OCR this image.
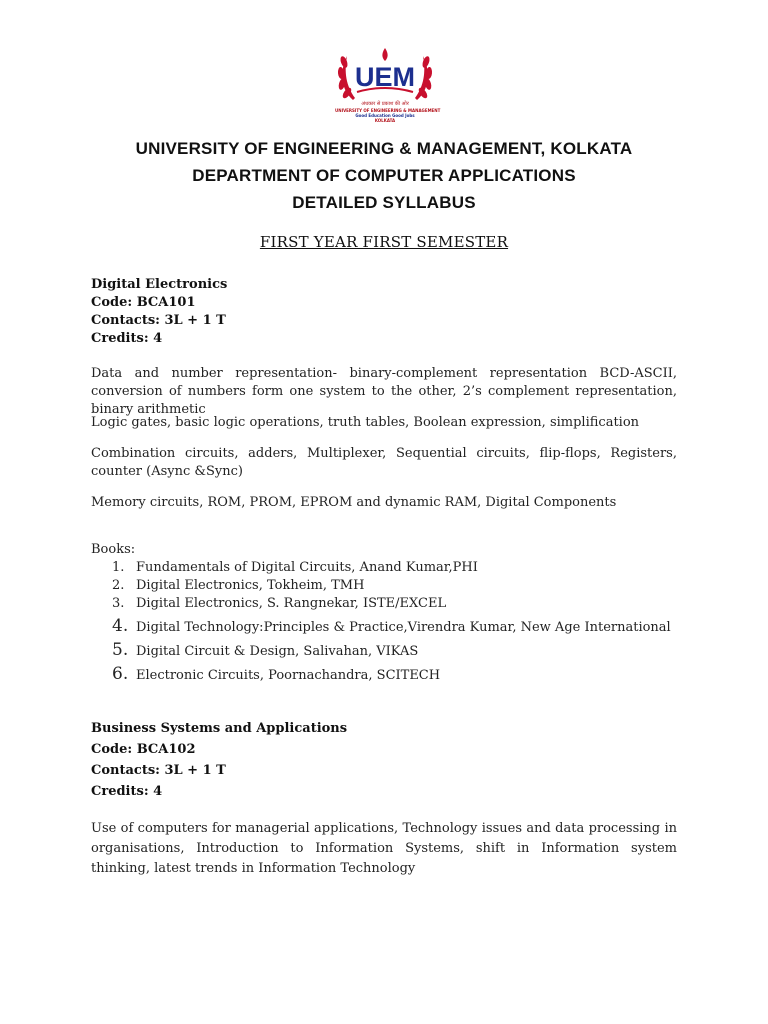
UEM
अंधकार से प्रकाश की ओर
UNIVERSITY OF ENGINEERING & MANAGEMENT
Good Education Good Jobs
KOLKATA
UNIVERSITY OF ENGINEERING & MANAGEMENT, KOLKATA
DEPARTMENT OF COMPUTER APPLICATIONS
DETAILED SYLLABUS
FIRST YEAR FIRST SEMESTER
Digital Electronics
Code: BCA101
Contacts: 3L + 1 T
Credits: 4
Data and number representation- binary-complement representation BCD-ASCII, conversion of numbers form one system to the other, 2’s complement representation, binary arithmetic
Logic gates, basic logic operations, truth tables, Boolean expression, simplification
Combination circuits, adders, Multiplexer, Sequential circuits, flip-flops, Registers, counter (Async &Sync)
Memory circuits, ROM, PROM, EPROM and dynamic RAM, Digital Components
Books:
1. Fundamentals of Digital Circuits, Anand Kumar,PHI
2. Digital Electronics, Tokheim, TMH
3. Digital Electronics, S. Rangnekar, ISTE/EXCEL
4. Digital Technology:Principles & Practice,Virendra Kumar, New Age International
5. Digital Circuit & Design, Salivahan, VIKAS
6. Electronic Circuits, Poornachandra, SCITECH
Business Systems and Applications
Code: BCA102
Contacts: 3L + 1 T
Credits: 4
Use of computers for managerial applications, Technology issues and data processing in organisations, Introduction to Information Systems, shift in Information system thinking, latest trends in Information Technology
